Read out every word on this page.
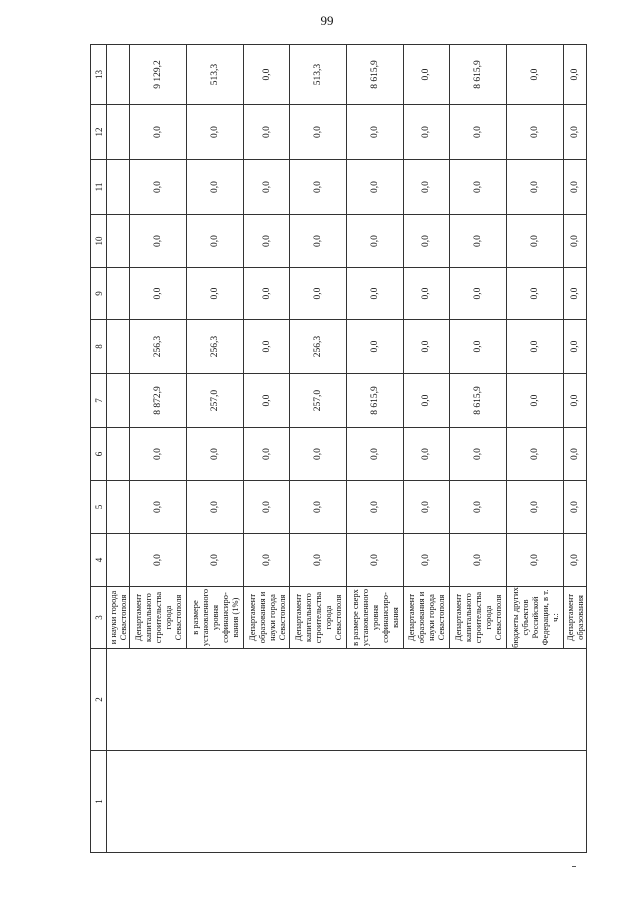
99
1	2	3	4	5	6	7	8	9	10	11	12	13
		и науки города Севастополя										
		Департамент капитального строительства города Севастополя	0,0	0,0	0,0	8 872,9	256,3	0,0	0,0	0,0	0,0	9 129,2
		в размере установленного уровня софинансиро-вания (1%)	0,0	0,0	0,0	257,0	256,3	0,0	0,0	0,0	0,0	513,3
		Департамент образования и науки города Севастополя	0,0	0,0	0,0	0,0	0,0	0,0	0,0	0,0	0,0	0,0
		Департамент капитального строительства города Севастополя	0,0	0,0	0,0	257,0	256,3	0,0	0,0	0,0	0,0	513,3
		в размере сверх установленного уровня софинансиро-вания	0,0	0,0	0,0	8 615,9	0,0	0,0	0,0	0,0	0,0	8 615,9
		Департамент образования и науки города Севастополя	0,0	0,0	0,0	0,0	0,0	0,0	0,0	0,0	0,0	0,0
		Департамент капитального строительства города Севастополя	0,0	0,0	0,0	8 615,9	0,0	0,0	0,0	0,0	0,0	8 615,9
		бюджеты других субъектов Российской Федерации, в т. ч.:	0,0	0,0	0,0	0,0	0,0	0,0	0,0	0,0	0,0	0,0
		Департамент образования	0,0	0,0	0,0	0,0	0,0	0,0	0,0	0,0	0,0	0,0
